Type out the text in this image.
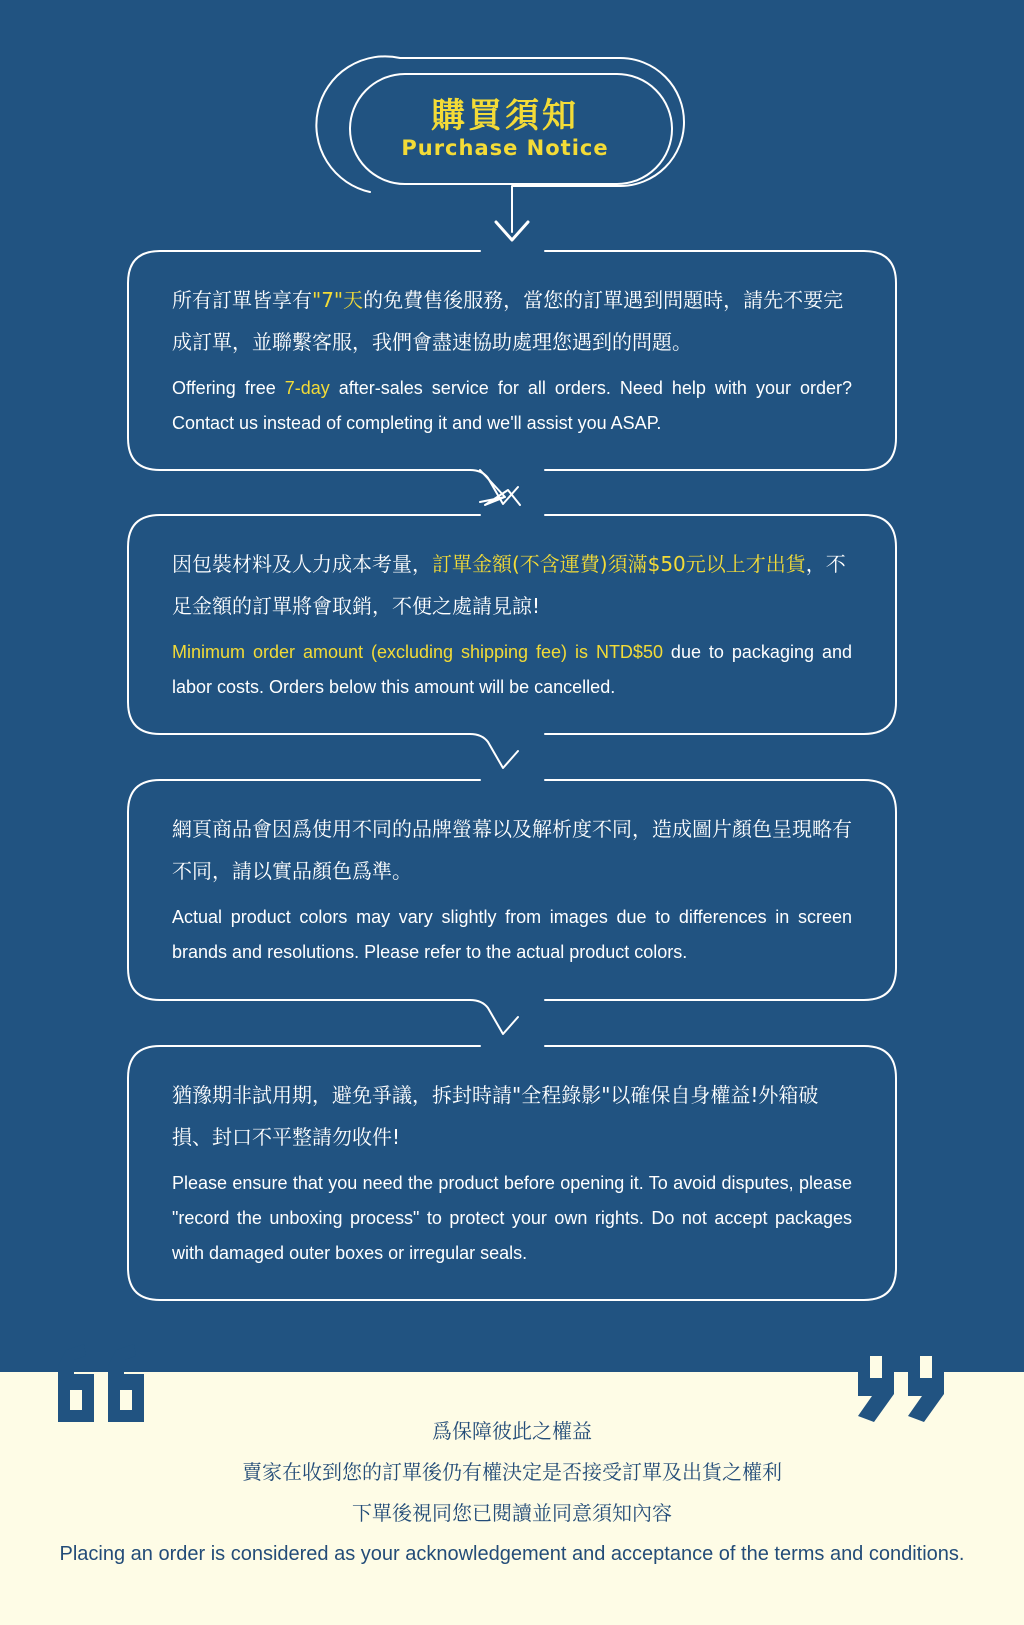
購買須知
Purchase Notice
所有訂單皆享有"7"天的免費售後服務，當您的訂單遇到問題時，請先不要完成訂單，並聯繫客服，我們會盡速協助處理您遇到的問題。
Offering free 7-day after-sales service for all orders. Need help with your order? Contact us instead of completing it and we'll assist you ASAP.
因包裝材料及人力成本考量，訂單金額(不含運費)須滿$50元以上才出貨，不足金額的訂單將會取銷，不便之處請見諒!
Minimum order amount (excluding shipping fee) is NTD$50 due to packaging and labor costs. Orders below this amount will be cancelled.
網頁商品會因爲使用不同的品牌螢幕以及解析度不同，造成圖片顏色呈現略有不同，請以實品顏色爲準。
Actual product colors may vary slightly from images due to differences in screen brands and resolutions. Please refer to the actual product colors.
猶豫期非試用期，避免爭議，拆封時請"全程錄影"以確保自身權益!外箱破損、封口不平整請勿收件!
Please ensure that you need the product before opening it. To avoid disputes, please "record the unboxing process" to protect your own rights. Do not accept packages with damaged outer boxes or irregular seals.
爲保障彼此之權益
賣家在收到您的訂單後仍有權決定是否接受訂單及出貨之權利
下單後視同您已閱讀並同意須知內容
Placing an order is considered as your acknowledgement and acceptance of the terms and conditions.
